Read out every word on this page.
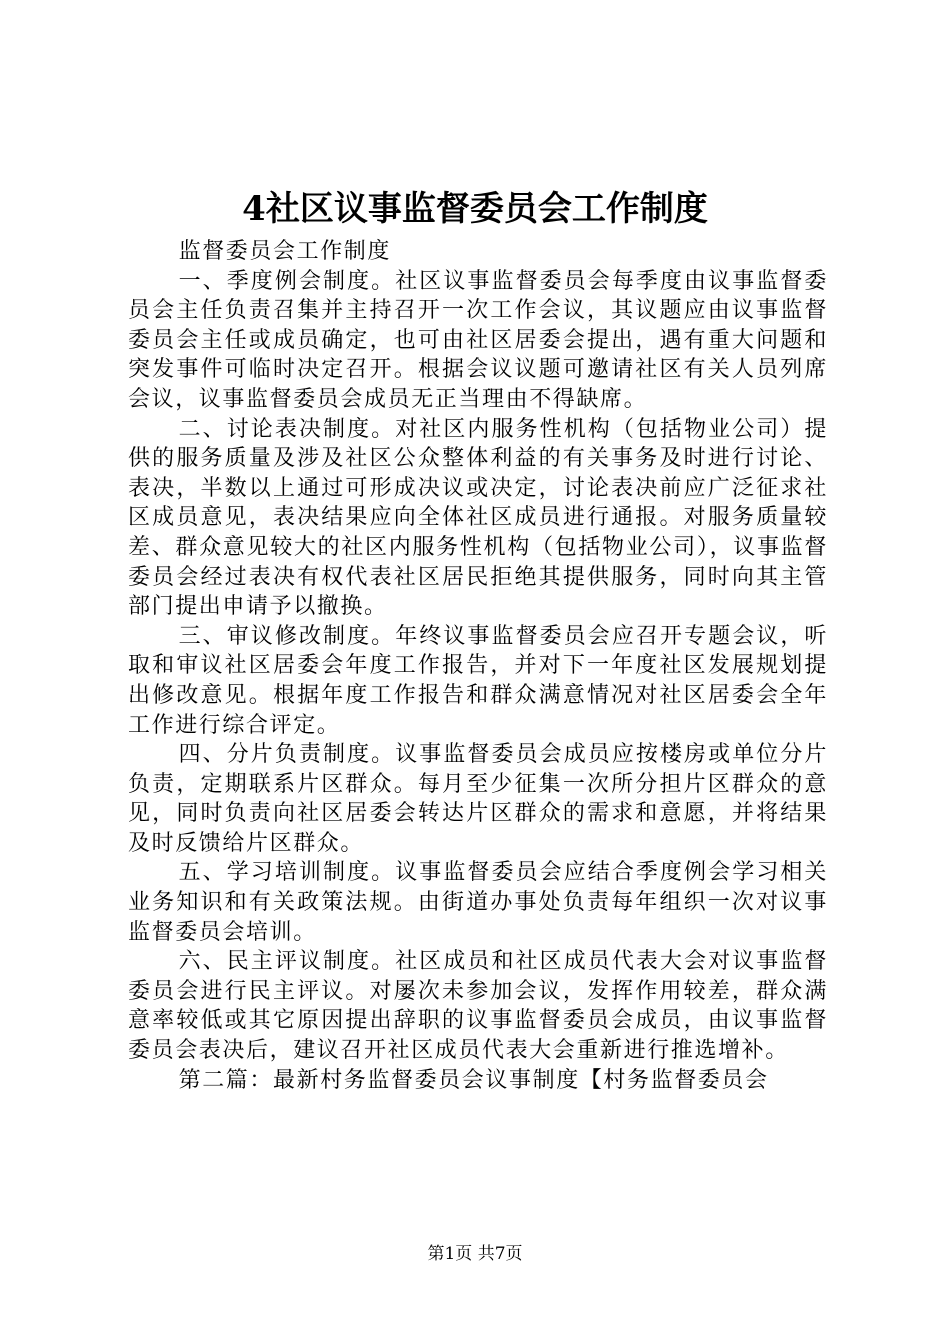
4社区议事监督委员会工作制度

监督委员会工作制度

一、季度例会制度。社区议事监督委员会每季度由议事监督委员会主任负责召集并主持召开一次工作会议，其议题应由议事监督委员会主任或成员确定，也可由社区居委会提出，遇有重大问题和突发事件可临时决定召开。根据会议议题可邀请社区有关人员列席会议，议事监督委员会成员无正当理由不得缺席。

二、讨论表决制度。对社区内服务性机构（包括物业公司）提供的服务质量及涉及社区公众整体利益的有关事务及时进行讨论、表决，半数以上通过可形成决议或决定，讨论表决前应广泛征求社区成员意见，表决结果应向全体社区成员进行通报。对服务质量较差、群众意见较大的社区内服务性机构（包括物业公司），议事监督委员会经过表决有权代表社区居民拒绝其提供服务，同时向其主管部门提出申请予以撤换。

三、审议修改制度。年终议事监督委员会应召开专题会议，听取和审议社区居委会年度工作报告，并对下一年度社区发展规划提出修改意见。根据年度工作报告和群众满意情况对社区居委会全年工作进行综合评定。

四、分片负责制度。议事监督委员会成员应按楼房或单位分片负责，定期联系片区群众。每月至少征集一次所分担片区群众的意见，同时负责向社区居委会转达片区群众的需求和意愿，并将结果及时反馈给片区群众。

五、学习培训制度。议事监督委员会应结合季度例会学习相关业务知识和有关政策法规。由街道办事处负责每年组织一次对议事监督委员会培训。

六、民主评议制度。社区成员和社区成员代表大会对议事监督委员会进行民主评议。对屡次未参加会议，发挥作用较差，群众满意率较低或其它原因提出辞职的议事监督委员会成员，由议事监督委员会表决后，建议召开社区成员代表大会重新进行推选增补。

第二篇：最新村务监督委员会议事制度【村务监督委员会

第1页 共7页
